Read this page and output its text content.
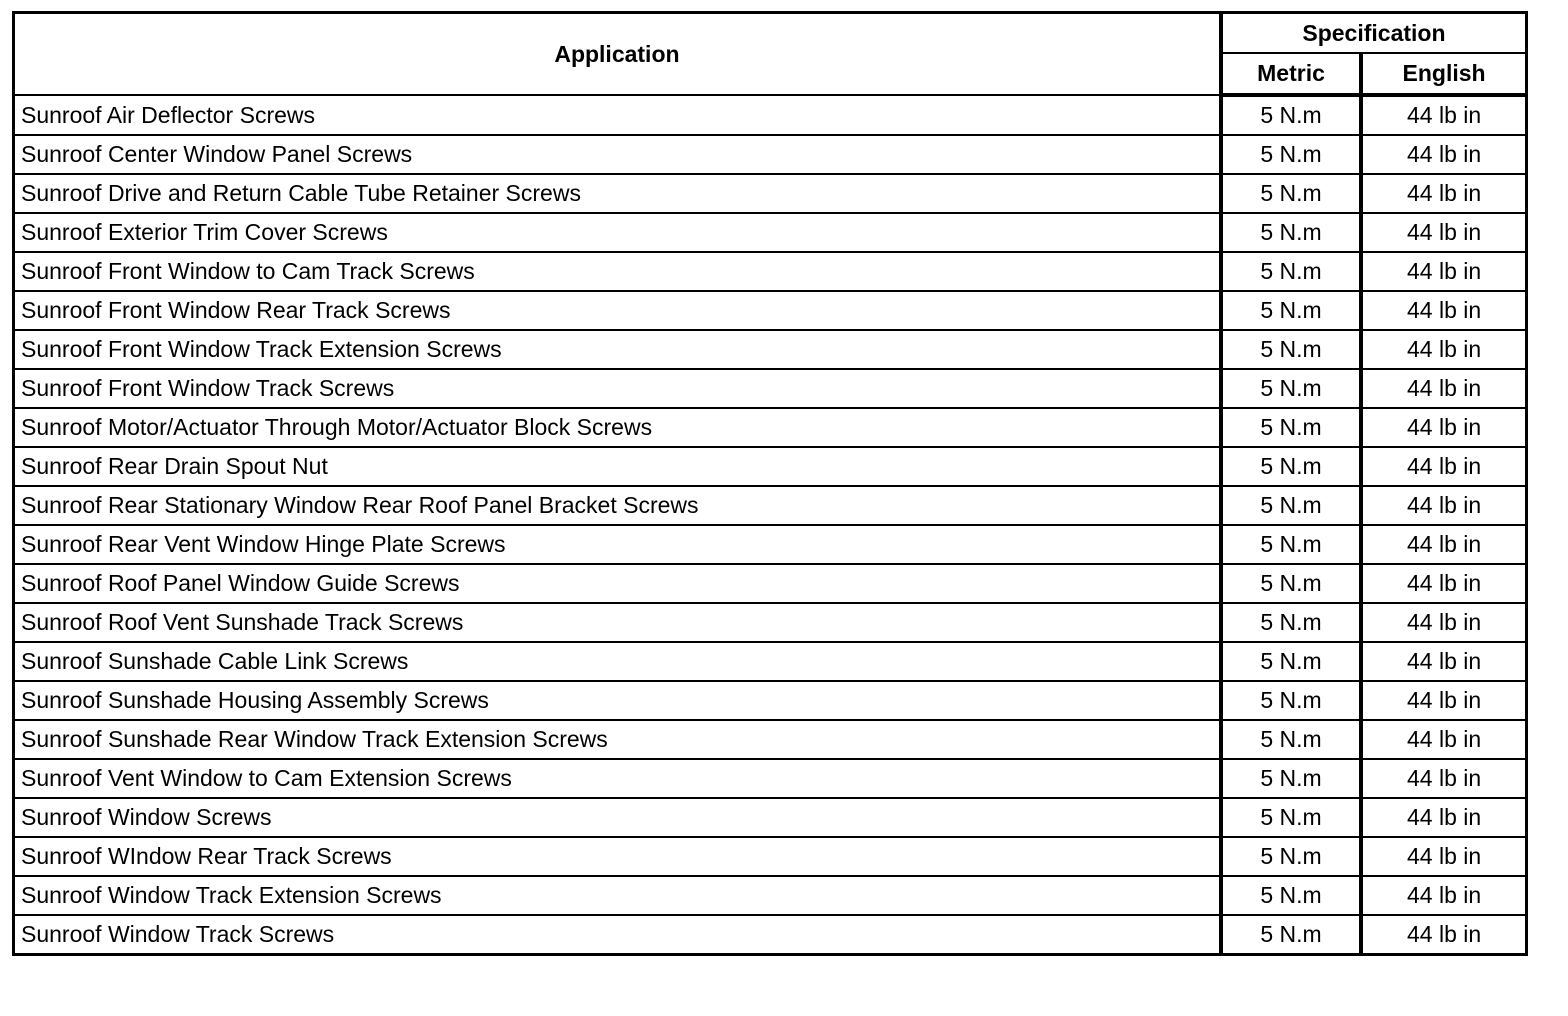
Application	Specification	
	Metric	English
Sunroof Air Deflector Screws	5 N.m	44 lb in
Sunroof Center Window Panel Screws	5 N.m	44 lb in
Sunroof Drive and Return Cable Tube Retainer Screws	5 N.m	44 lb in
Sunroof Exterior Trim Cover Screws	5 N.m	44 lb in
Sunroof Front Window to Cam Track Screws	5 N.m	44 lb in
Sunroof Front Window Rear Track Screws	5 N.m	44 lb in
Sunroof Front Window Track Extension Screws	5 N.m	44 lb in
Sunroof Front Window Track Screws	5 N.m	44 lb in
Sunroof Motor/Actuator Through Motor/Actuator Block Screws	5 N.m	44 lb in
Sunroof Rear Drain Spout Nut	5 N.m	44 lb in
Sunroof Rear Stationary Window Rear Roof Panel Bracket Screws	5 N.m	44 lb in
Sunroof Rear Vent Window Hinge Plate Screws	5 N.m	44 lb in
Sunroof Roof Panel Window Guide Screws	5 N.m	44 lb in
Sunroof Roof Vent Sunshade Track Screws	5 N.m	44 lb in
Sunroof Sunshade Cable Link Screws	5 N.m	44 lb in
Sunroof Sunshade Housing Assembly Screws	5 N.m	44 lb in
Sunroof Sunshade Rear Window Track Extension Screws	5 N.m	44 lb in
Sunroof Vent Window to Cam Extension Screws	5 N.m	44 lb in
Sunroof Window Screws	5 N.m	44 lb in
Sunroof WIndow Rear Track Screws	5 N.m	44 lb in
Sunroof Window Track Extension Screws	5 N.m	44 lb in
Sunroof Window Track Screws	5 N.m	44 lb in
